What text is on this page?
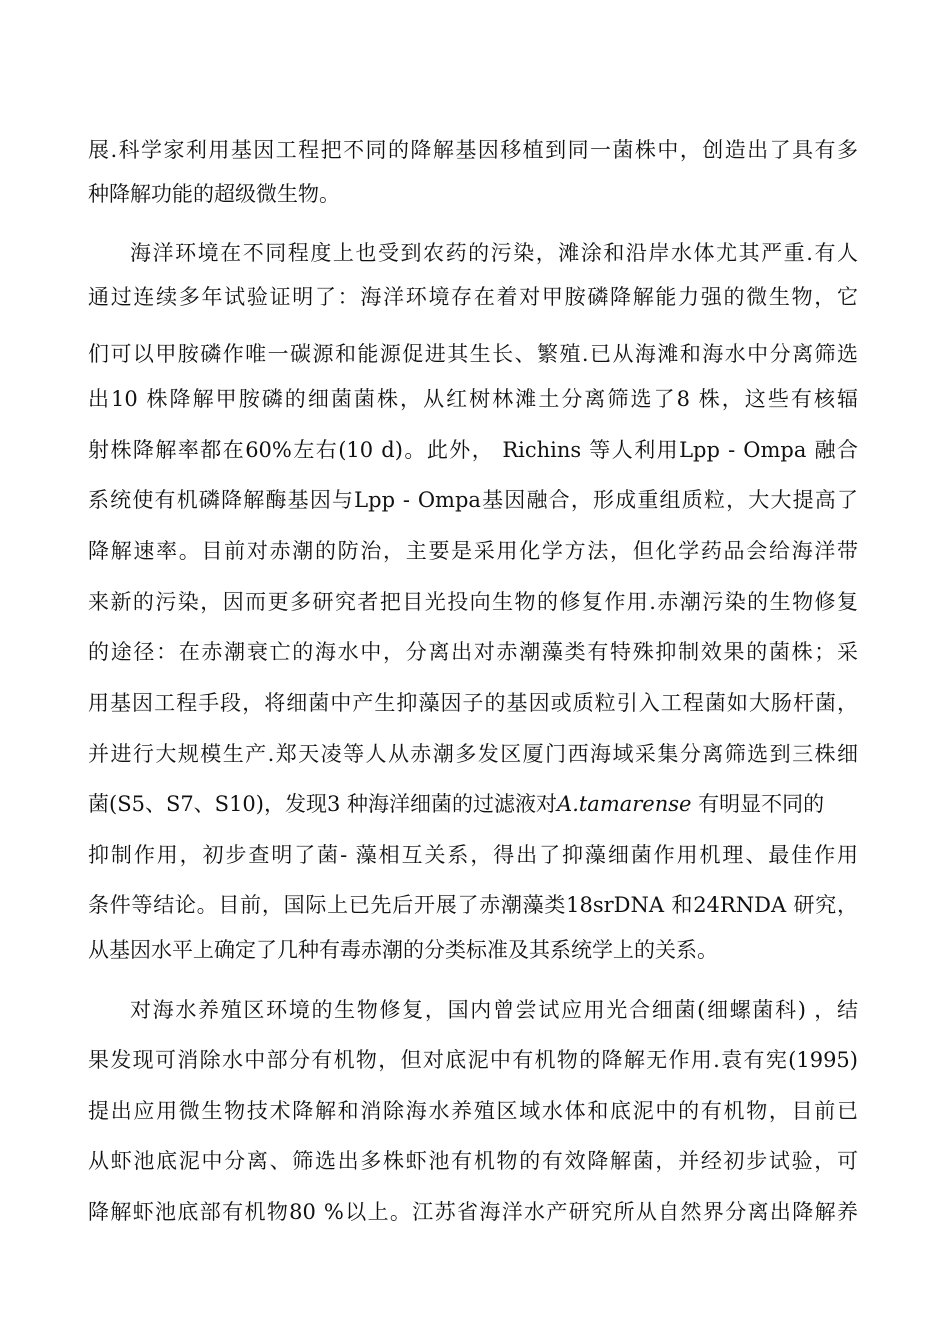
展.科学家利用基因工程把不同的降解基因移植到同一菌株中，创造出了具有多
种降解功能的超级微生物。
海洋环境在不同程度上也受到农药的污染，滩涂和沿岸水体尤其严重.有人
通过连续多年试验证明了：海洋环境存在着对甲胺磷降解能力强的微生物，它
们可以甲胺磷作唯一碳源和能源促进其生长、繁殖.已从海滩和海水中分离筛选
出10 株降解甲胺磷的细菌菌株，从红树林滩土分离筛选了8 株，这些有核辐
射株降解率都在60%左右(10 d)。此外， Richins 等人利用Lpp - Ompa 融合
系统使有机磷降解酶基因与Lpp - Ompa基因融合，形成重组质粒，大大提高了
降解速率。目前对赤潮的防治，主要是采用化学方法，但化学药品会给海洋带
来新的污染，因而更多研究者把目光投向生物的修复作用.赤潮污染的生物修复
的途径：在赤潮衰亡的海水中，分离出对赤潮藻类有特殊抑制效果的菌株；采
用基因工程手段，将细菌中产生抑藻因子的基因或质粒引入工程菌如大肠杆菌，
并进行大规模生产.郑天凌等人从赤潮多发区厦门西海域采集分离筛选到三株细
菌(S5、S7、S10)，发现3 种海洋细菌的过滤液对A.tamarense 有明显不同的
抑制作用，初步查明了菌- 藻相互关系，得出了抑藻细菌作用机理、最佳作用
条件等结论。目前，国际上已先后开展了赤潮藻类18srDNA 和24RNDA 研究，
从基因水平上确定了几种有毒赤潮的分类标准及其系统学上的关系。
对海水养殖区环境的生物修复，国内曾尝试应用光合细菌(细螺菌科) ，结
果发现可消除水中部分有机物，但对底泥中有机物的降解无作用.袁有宪(1995)
提出应用微生物技术降解和消除海水养殖区域水体和底泥中的有机物，目前已
从虾池底泥中分离、筛选出多株虾池有机物的有效降解菌，并经初步试验，可
降解虾池底部有机物80 %以上。江苏省海洋水产研究所从自然界分离出降解养
